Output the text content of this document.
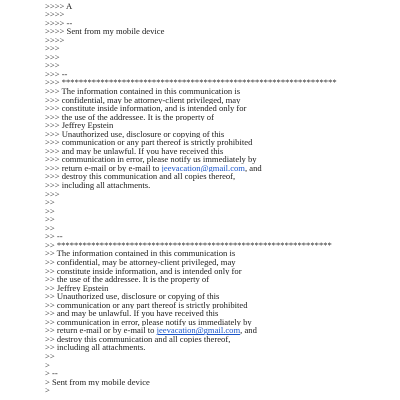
>>>> A
>>>>
>>>> --
>>>> Sent from my mobile device
>>>>
>>>
>>>
>>>
>>> --
>>> ****************************************************************
>>> The information contained in this communication is
>>> confidential, may be attorney-client privileged, may
>>> constitute inside information, and is intended only for
>>> the use of the addressee. It is the property of
>>> Jeffrey Epstein
>>> Unauthorized use, disclosure or copying of this
>>> communication or any part thereof is strictly prohibited
>>> and may be unlawful. If you have received this
>>> communication in error, please notify us immediately by
>>> return e-mail or by e-mail to jeevacation@gmail.com, and
>>> destroy this communication and all copies thereof,
>>> including all attachments.
>>>
>>
>>
>>
>>
>> --
>> ****************************************************************
>> The information contained in this communication is
>> confidential, may be attorney-client privileged, may
>> constitute inside information, and is intended only for
>> the use of the addressee. It is the property of
>> Jeffrey Epstein
>> Unauthorized use, disclosure or copying of this
>> communication or any part thereof is strictly prohibited
>> and may be unlawful. If you have received this
>> communication in error, please notify us immediately by
>> return e-mail or by e-mail to jeevacation@gmail.com, and
>> destroy this communication and all copies thereof,
>> including all attachments.
>>
>
> --
> Sent from my mobile device
>
